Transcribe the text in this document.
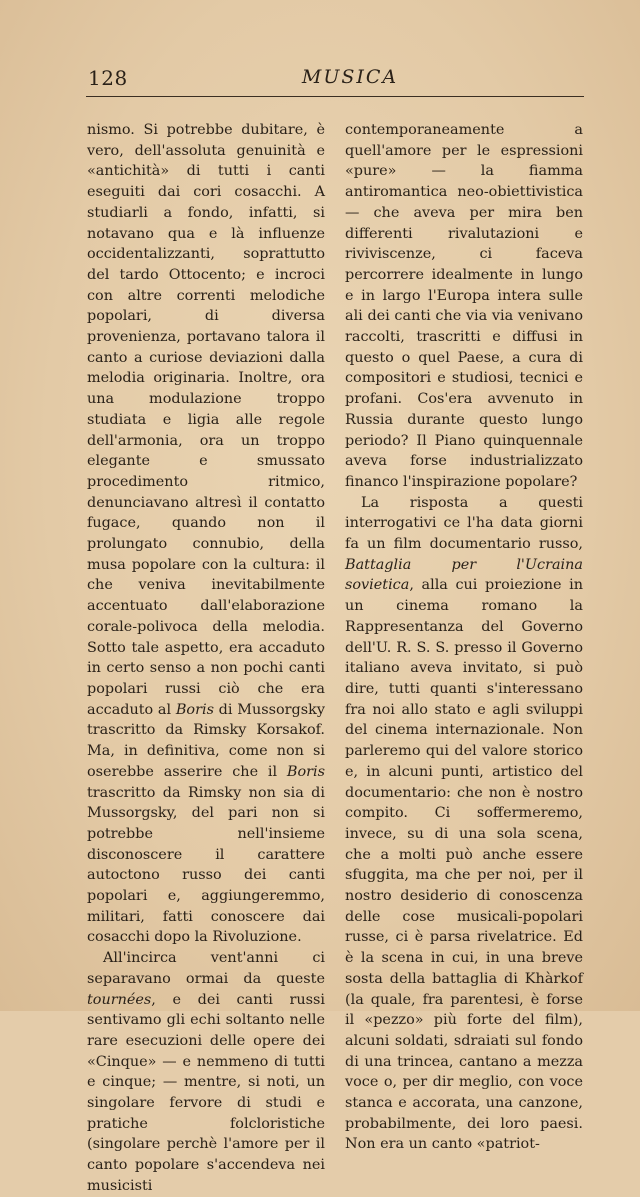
128	MUSICA

nismo. Si potrebbe dubitare, è vero, dell'assoluta genuinità e «antichità» di tutti i canti eseguiti dai cori cosacchi. A studiarli a fondo, infatti, si notavano qua e là influenze occidentalizzanti, soprattutto del tardo Ottocento; e incroci con altre correnti melodiche popolari, di diversa provenienza, portavano talora il canto a curiose deviazioni dalla melodia originaria. Inoltre, ora una modulazione troppo studiata e ligia alle regole dell'armonia, ora un troppo elegante e smussato procedimento ritmico, denunciavano altresì il contatto fugace, quando non il prolungato connubio, della musa popolare con la cultura: il che veniva inevitabilmente accentuato dall'elaborazione corale-polivoca della melodia. Sotto tale aspetto, era accaduto in certo senso a non pochi canti popolari russi ciò che era accaduto al Boris di Mussorgsky trascritto da Rimsky Korsakof. Ma, in definitiva, come non si oserebbe asserire che il Boris trascritto da Rimsky non sia di Mussorgsky, del pari non si potrebbe nell'insieme disconoscere il carattere autoctono russo dei canti popolari e, aggiungeremmo, militari, fatti conoscere dai cosacchi dopo la Rivoluzione.

All'incirca vent'anni ci separavano ormai da queste tournées, e dei canti russi sentivamo gli echi soltanto nelle rare esecuzioni delle opere dei «Cinque» — e nemmeno di tutti e cinque; — mentre, si noti, un singolare fervore di studi e pratiche folcloristiche (singolare perchè l'amore per il canto popolare s'accendeva nei musicisti

contemporaneamente a quell'amore per le espressioni «pure» — la fiamma antiromantica neo-obiettivistica — che aveva per mira ben differenti rivalutazioni e riviviscenze, ci faceva percorrere idealmente in lungo e in largo l'Europa intera sulle ali dei canti che via via venivano raccolti, trascritti e diffusi in questo o quel Paese, a cura di compositori e studiosi, tecnici e profani. Cos'era avvenuto in Russia durante questo lungo periodo? Il Piano quinquennale aveva forse industrializzato financo l'inspirazione popolare?

La risposta a questi interrogativi ce l'ha data giorni fa un film documentario russo, Battaglia per l'Ucraina sovietica, alla cui proiezione in un cinema romano la Rappresentanza del Governo dell'U. R. S. S. presso il Governo italiano aveva invitato, si può dire, tutti quanti s'interessano fra noi allo stato e agli sviluppi del cinema internazionale. Non parleremo qui del valore storico e, in alcuni punti, artistico del documentario: che non è nostro compito. Ci soffermeremo, invece, su di una sola scena, che a molti può anche essere sfuggita, ma che per noi, per il nostro desiderio di conoscenza delle cose musicali-popolari russe, ci è parsa rivelatrice. Ed è la scena in cui, in una breve sosta della battaglia di Khàrkof (la quale, fra parentesi, è forse il «pezzo» più forte del film), alcuni soldati, sdraiati sul fondo di una trincea, cantano a mezza voce o, per dir meglio, con voce stanca e accorata, una canzone, probabilmente, dei loro paesi. Non era un canto «patriot-
